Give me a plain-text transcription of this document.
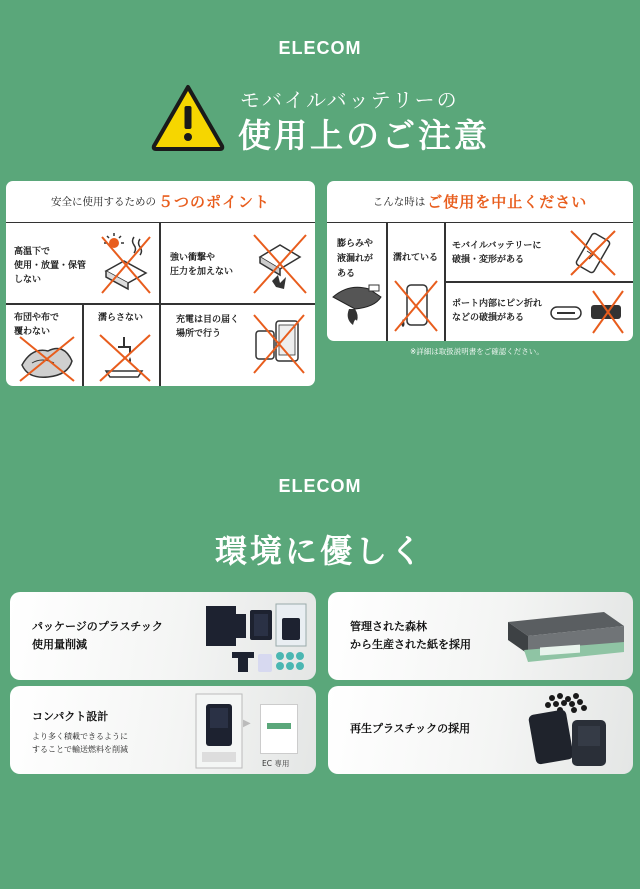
ELECOM
モバイルバッテリーの
使用上のご注意
安全に使用するための ５つのポイント
高温下で
使用・放置・保管
しない
強い衝撃や
圧力を加えない
布団や布で
覆わない
濡らさない	充電は目の届く
場所で行う
こんな時は ご使用を中止ください
膨らみや
液漏れが
ある
濡れている
モバイルバッテリーに
破損・変形がある
ポート内部にピン折れ
などの破損がある
※詳細は取扱説明書をご確認ください。
ELECOM
環境に優しく
パッケージのプラスチック
使用量削減
管理された森林
から生産された紙を採用
コンパクト設計
より多く積載できるように
することで輸送燃料を削減
▶
EC 専用
再生プラスチックの採用
